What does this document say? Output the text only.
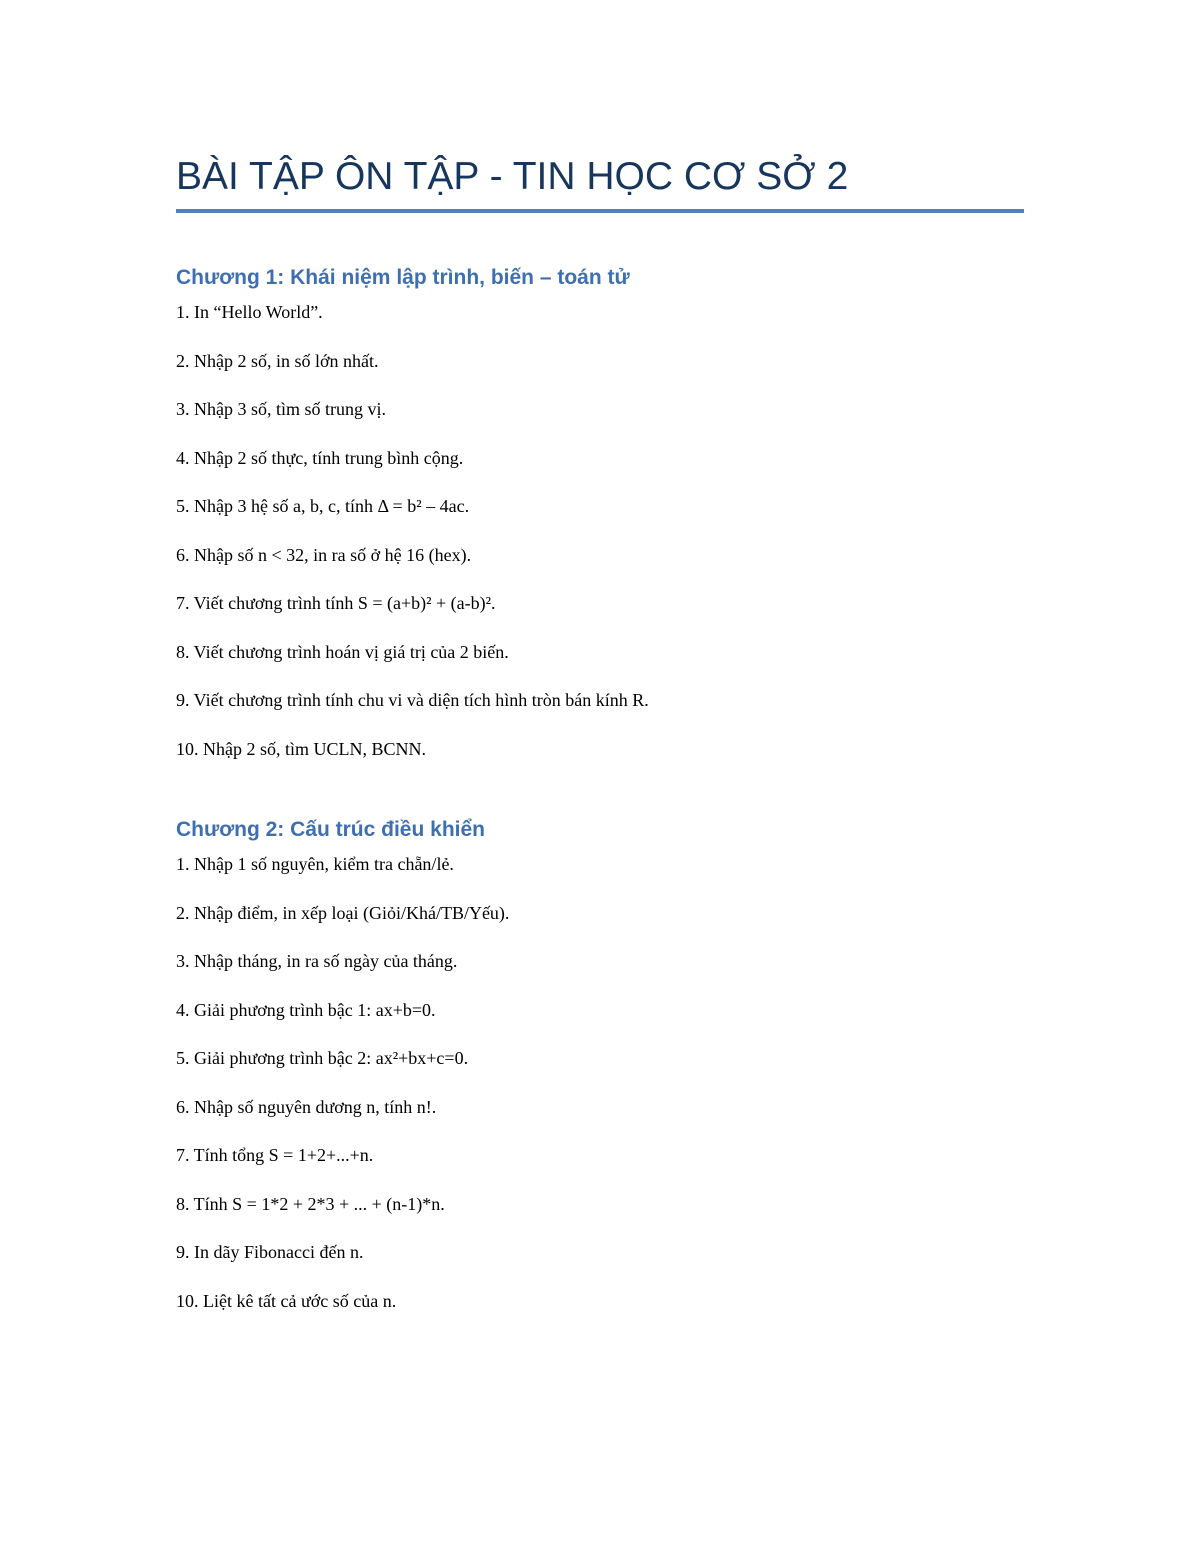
BÀI TẬP ÔN TẬP - TIN HỌC CƠ SỞ 2
Chương 1: Khái niệm lập trình, biến – toán tử
1. In “Hello World”.
2. Nhập 2 số, in số lớn nhất.
3. Nhập 3 số, tìm số trung vị.
4. Nhập 2 số thực, tính trung bình cộng.
5. Nhập 3 hệ số a, b, c, tính Δ = b² – 4ac.
6. Nhập số n < 32, in ra số ở hệ 16 (hex).
7. Viết chương trình tính S = (a+b)² + (a-b)².
8. Viết chương trình hoán vị giá trị của 2 biến.
9. Viết chương trình tính chu vi và diện tích hình tròn bán kính R.
10. Nhập 2 số, tìm UCLN, BCNN.
Chương 2: Cấu trúc điều khiển
1. Nhập 1 số nguyên, kiểm tra chẵn/lẻ.
2. Nhập điểm, in xếp loại (Giỏi/Khá/TB/Yếu).
3. Nhập tháng, in ra số ngày của tháng.
4. Giải phương trình bậc 1: ax+b=0.
5. Giải phương trình bậc 2: ax²+bx+c=0.
6. Nhập số nguyên dương n, tính n!.
7. Tính tổng S = 1+2+...+n.
8. Tính S = 1*2 + 2*3 + ... + (n-1)*n.
9. In dãy Fibonacci đến n.
10. Liệt kê tất cả ước số của n.
